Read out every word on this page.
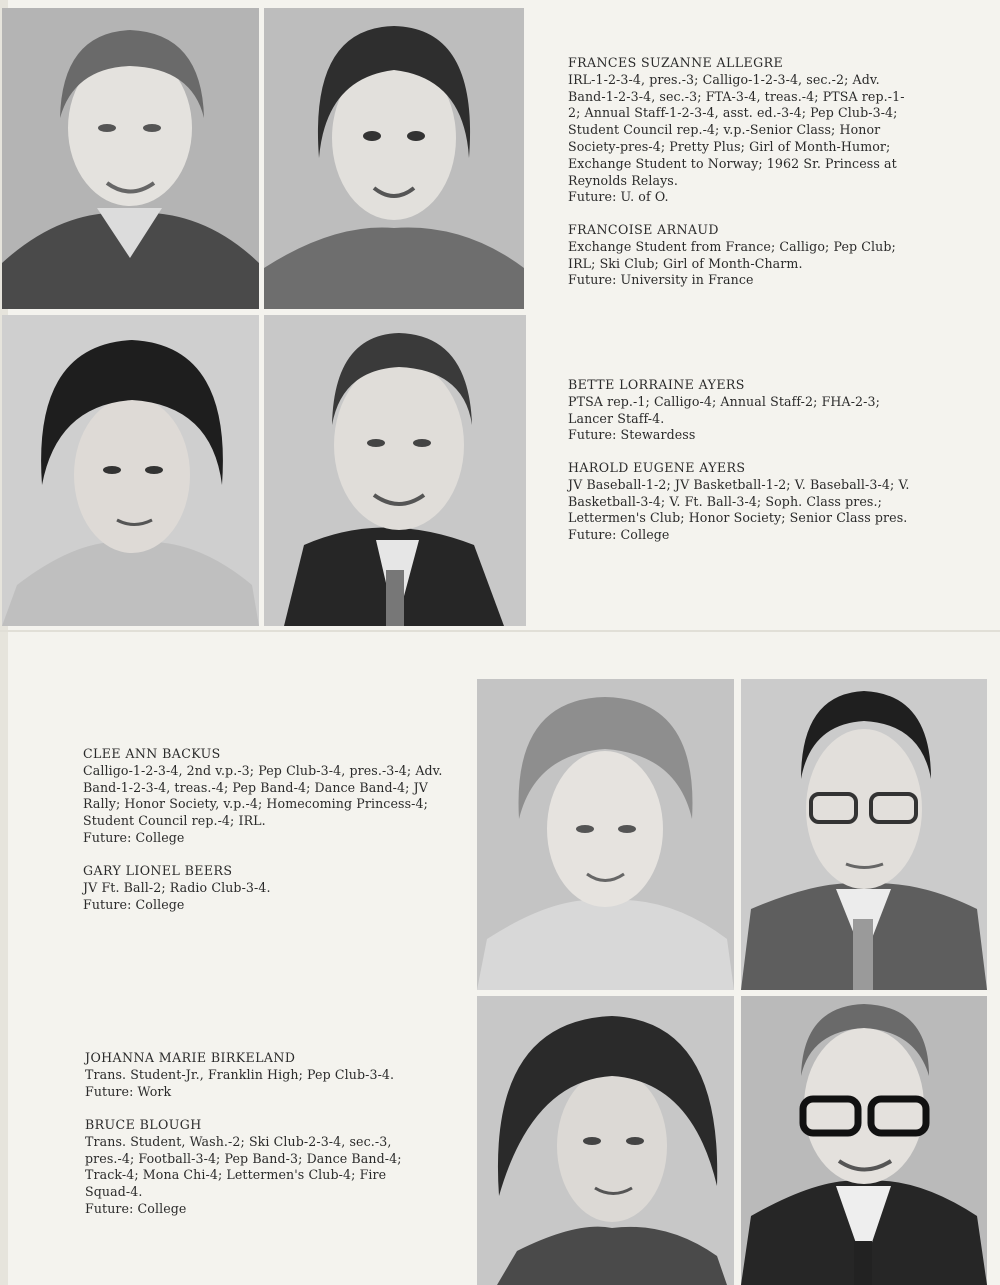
FRANCES SUZANNE ALLEGRE
IRL-1-2-3-4, pres.-3; Calligo-1-2-3-4, sec.-2; Adv. Band-1-2-3-4, sec.-3; FTA-3-4, treas.-4; PTSA rep.-1-2; Annual Staff-1-2-3-4, asst. ed.-3-4; Pep Club-3-4; Student Council rep.-4; v.p.-Senior Class; Honor Society-pres-4; Pretty Plus; Girl of Month-Humor; Exchange Student to Norway; 1962 Sr. Princess at Reynolds Relays.
Future: U. of O.
FRANCOISE ARNAUD
Exchange Student from France; Calligo; Pep Club; IRL; Ski Club; Girl of Month-Charm.
Future: University in France
BETTE LORRAINE AYERS
PTSA rep.-1; Calligo-4; Annual Staff-2; FHA-2-3; Lancer Staff-4.
Future: Stewardess
HAROLD EUGENE AYERS
JV Baseball-1-2; JV Basketball-1-2; V. Baseball-3-4; V. Basketball-3-4; V. Ft. Ball-3-4; Soph. Class pres.; Lettermen's Club; Honor Society; Senior Class pres.
Future: College
CLEE ANN BACKUS
Calligo-1-2-3-4, 2nd v.p.-3; Pep Club-3-4, pres.-3-4; Adv. Band-1-2-3-4, treas.-4; Pep Band-4; Dance Band-4; JV Rally; Honor Society, v.p.-4; Homecoming Princess-4; Student Council rep.-4; IRL.
Future: College
GARY LIONEL BEERS
JV Ft. Ball-2; Radio Club-3-4.
Future: College
JOHANNA MARIE BIRKELAND
Trans. Student-Jr., Franklin High; Pep Club-3-4.
Future: Work
BRUCE BLOUGH
Trans. Student, Wash.-2; Ski Club-2-3-4, sec.-3, pres.-4; Football-3-4; Pep Band-3; Dance Band-4; Track-4; Mona Chi-4; Lettermen's Club-4; Fire Squad-4.
Future: College
